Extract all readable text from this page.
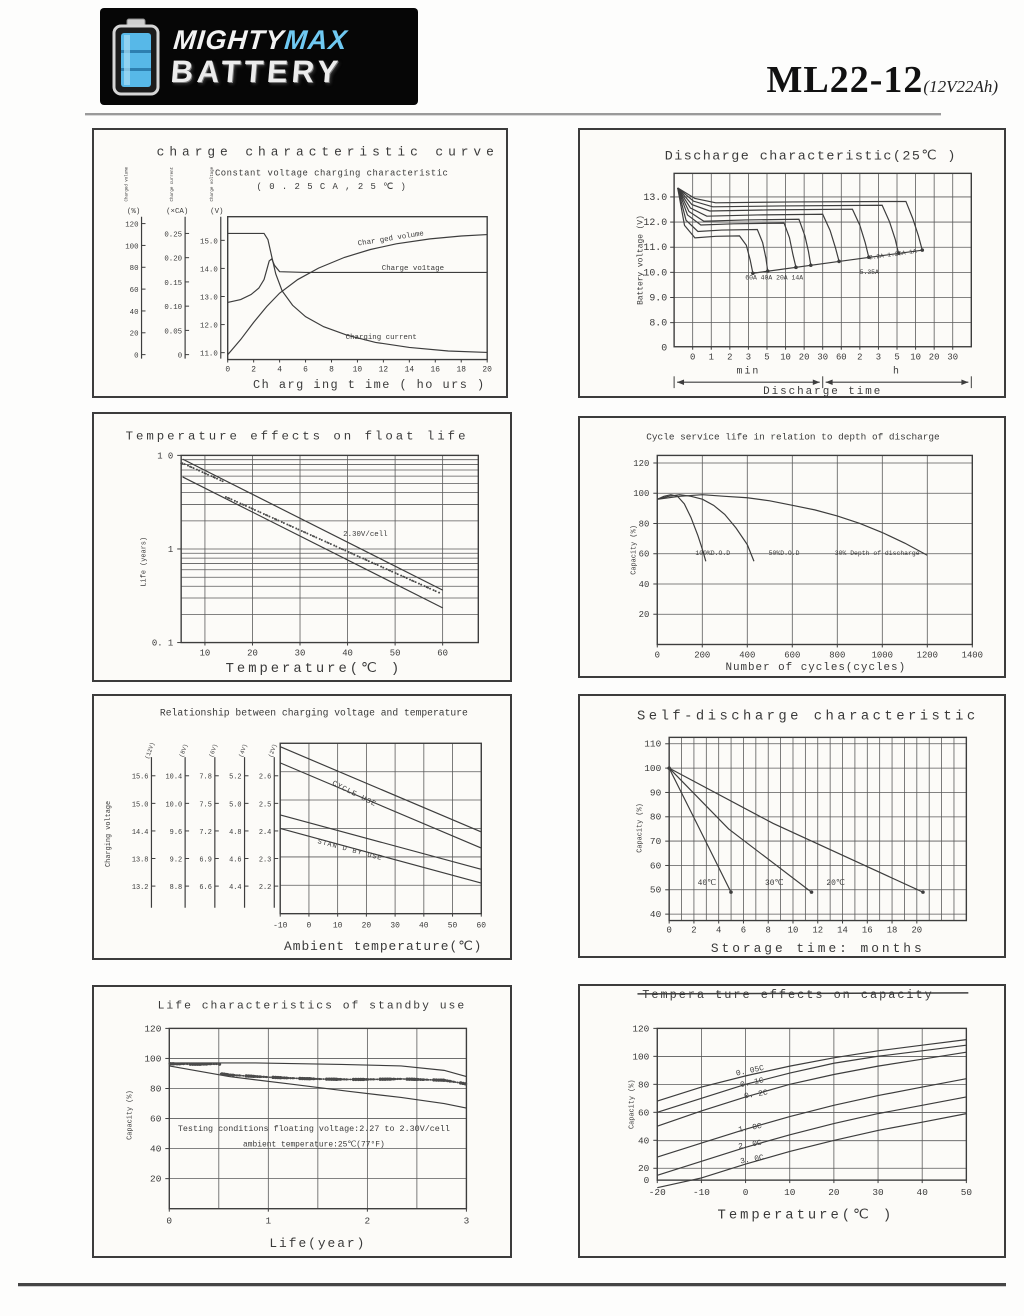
MIGHTYMAX
BATTERY	ML22-12(12V22Ah)
120
100
80
60
40
20
0
0.25
0.20
0.15
0.10
0.05
0
15.0
14.0
13.0
12.0
11.0
0	2	4	6	8 10 12 14 16 18 20
Charged volume	Charge current	Charge voltage
charge characteristic curve
Constant voltage charging characteristic
( 0 . 2 5 C A , 2 5 ℃ )
(%)	(×CA)	(V)
Char ged volume
Charge vo1tage
Charging current
Ch arg ing t ime ( ho urs )
0 1 2 3 5 10 20 30 60 2 3 5 10 20 30
13.0
12.0
11.0
10.0
9.0
8.0
Battery voltage (V)
Discharge characteristic(25℃ )
0
60A 40A 20A 14A
5.35A
2.2A 1.25A 1A
min	h
Discharge time
10	20	30	40	50	60
1 0
1
0. 1
Life (years)
Temperature effects on float life
2.30V/cell
Temperature(℃ )
0	200	400	600	800	1000	1200	1400
120
100
80
60
40
20
Capacity (%)
Cycle service life in relation to depth of discharge
100%D.O.D	50%D.O.D	30% Depth of discharge
Number of cycles(cycles)
15.6
15.0
14.4
13.8
13.2
(12V)
10.4
10.0
9.6
9.2
8.8
(8V)
7.8
7.5
7.2
6.9
6.6
(6V)
5.2
5.0
4.8
4.6
4.4
(4V)
2.6
2.5
2.4
2.3
2.2
(2V)
-10 0	10 20 30 40 50 60
Charging voltage
Relationship between charging voltage and temperature
CYCLE USE
STAN D BY USE
Ambient temperature(℃)
0 2 4 6 8 10 12 14 16 18 20
110
100
90
80
70
60
50
40
Capacity (%)
Self-discharge characteristic
40℃	30℃	20℃
Storage time: months
0	1	2	3
120
100
80
60
40
20
Capacity (%)
Life characteristics of standby use
Testing conditions floating voltage:2.27 to 2.30V/cell
ambient temperature:25℃(77°F)
Life(year)
-20	-10	0	10	20	30	40	50
120
100
80
60
40
20
Capacity (%)
Tempera ture effects on capacity
0. 05C
0. 1C
0. 2C
1. 0C
2. 0C
3. 0C
0
Temperature(℃ )
